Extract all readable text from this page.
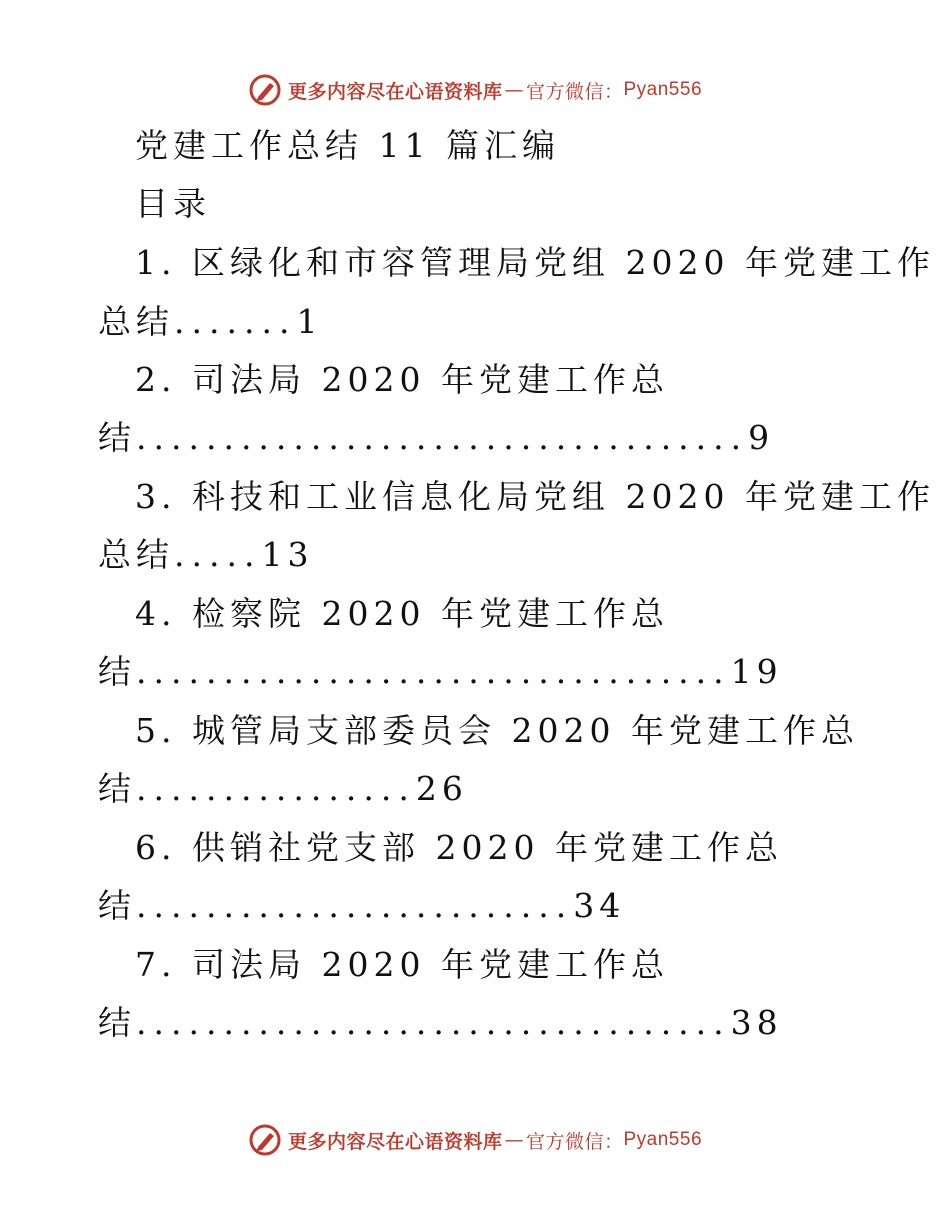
更多内容尽在心语资料库 — 官方微信： Pyan556
党建工作总结 11 篇汇编
目录
1. 区绿化和市容管理局党组 2020 年党建工作
总结.......1
2. 司法局 2020 年党建工作总
结...................................9
3. 科技和工业信息化局党组 2020 年党建工作
总结.....13
4. 检察院 2020 年党建工作总
结..................................19
5. 城管局支部委员会 2020 年党建工作总
结................26
6. 供销社党支部 2020 年党建工作总
结.........................34
7. 司法局 2020 年党建工作总
结..................................38
更多内容尽在心语资料库 — 官方微信： Pyan556
